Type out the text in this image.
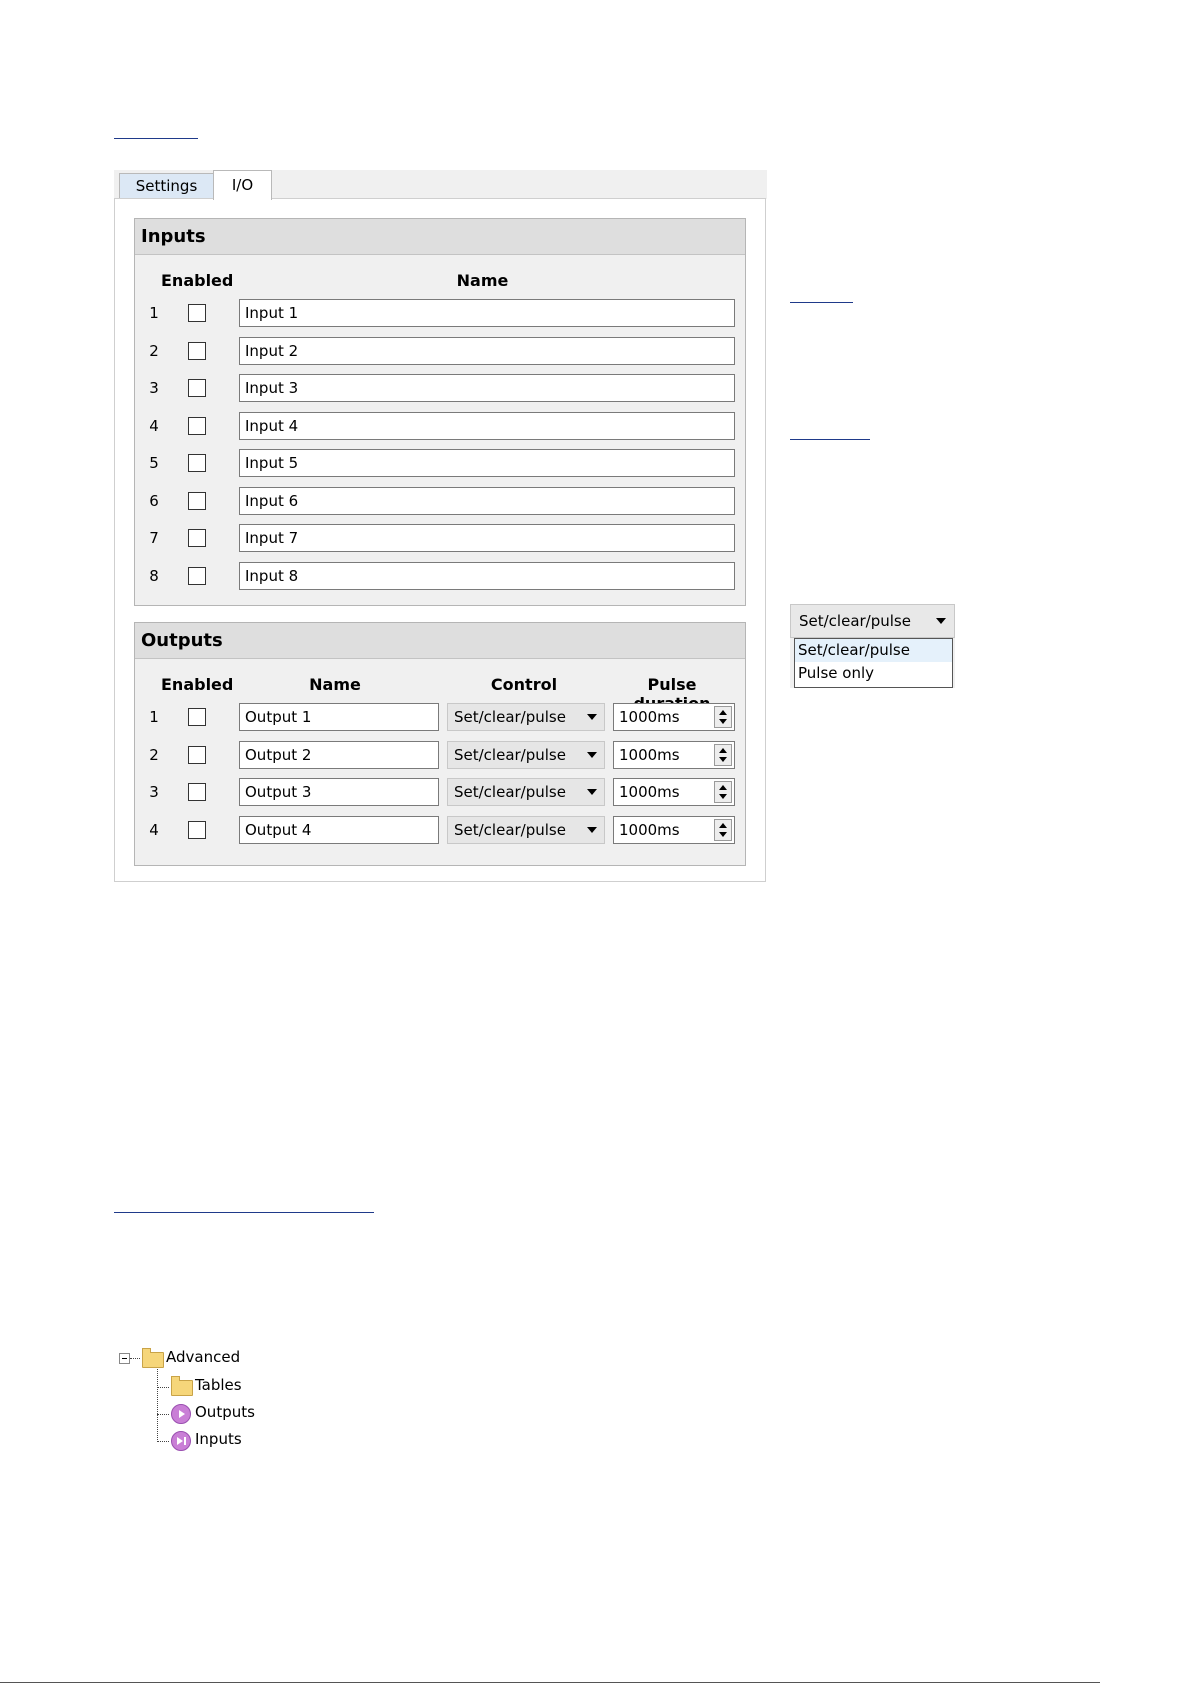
Settings	I/O
Inputs
Enabled	Name
1	Input 1
2	Input 2
3	Input 3
4	Input 4
5	Input 5
6	Input 6
7	Input 7
8	Input 8
Outputs
Enabled	Name	Control	Pulse
1	Output 1	Set/clear/pulse	1000ms
2	Output 2	Set/clear/pulse	1000ms
3	Output 3	Set/clear/pulse	1000ms
4	Output 4	Set/clear/pulse	1000ms
Set/clear/pulse
Set/clear/pulse
Pulse only
Advanced
Tables
Outputs
Inputs
